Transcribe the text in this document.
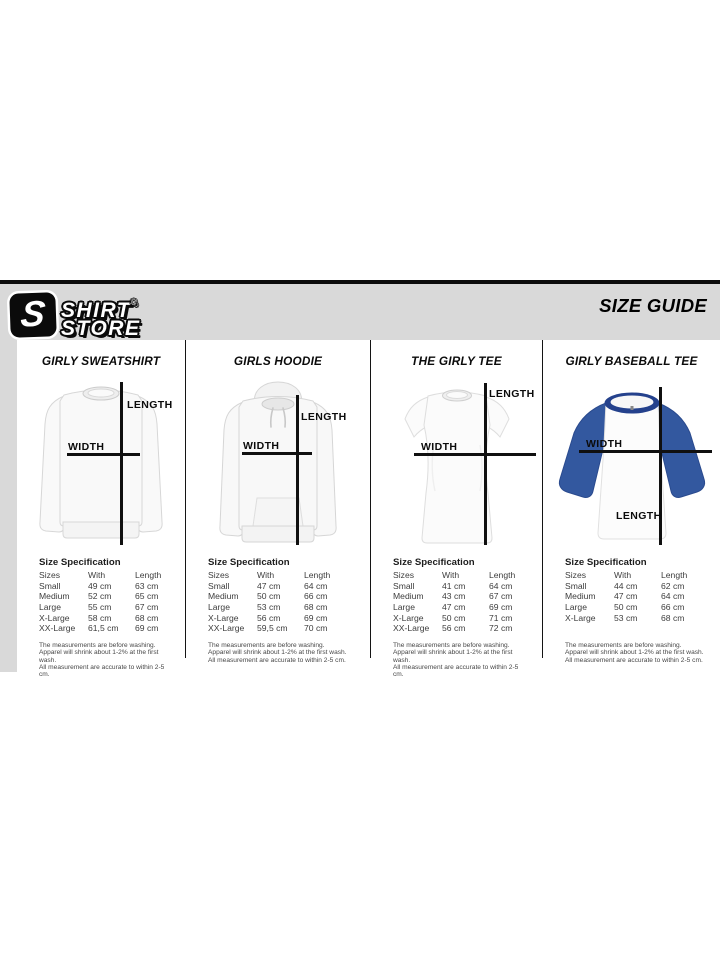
S SHIRT®
STORE
SIZE GUIDE
GIRLY SWEATSHIRT
WIDTH
LENGTH
Size Specification
Sizes	With	Length
Small	49 cm	63 cm
Medium	52 cm	65 cm
Large	55 cm	67 cm
X-Large	58 cm	68 cm
XX-Large	61,5 cm	69 cm
The measurements are before washing.
Apparel will shrink about 1-2% at the first wash.
All measurement are accurate to within 2-5 cm.
GIRLS HOODIE
WIDTH
LENGTH
Size Specification
Sizes	With	Length
Small	47 cm	64 cm
Medium	50 cm	66 cm
Large	53 cm	68 cm
X-Large	56 cm	69 cm
XX-Large	59,5 cm	70 cm
The measurements are before washing.
Apparel will shrink about 1-2% at the first wash.
All measurement are accurate to within 2-5 cm.
THE GIRLY TEE
WIDTH
LENGTH
Size Specification
Sizes	With	Length
Small	41 cm	64 cm
Medium	43 cm	67 cm
Large	47 cm	69 cm
X-Large	50 cm	71 cm
XX-Large	56 cm	72 cm
The measurements are before washing.
Apparel will shrink about 1-2% at the first wash.
All measurement are accurate to within 2-5 cm.
GIRLY BASEBALL TEE
WIDTH
LENGTH
Size Specification
Sizes	With	Length
Small	44 cm	62 cm
Medium	47 cm	64 cm
Large	50 cm	66 cm
X-Large	53 cm	68 cm
The measurements are before washing.
Apparel will shrink about 1-2% at the first wash.
All measurement are accurate to within 2-5 cm.
